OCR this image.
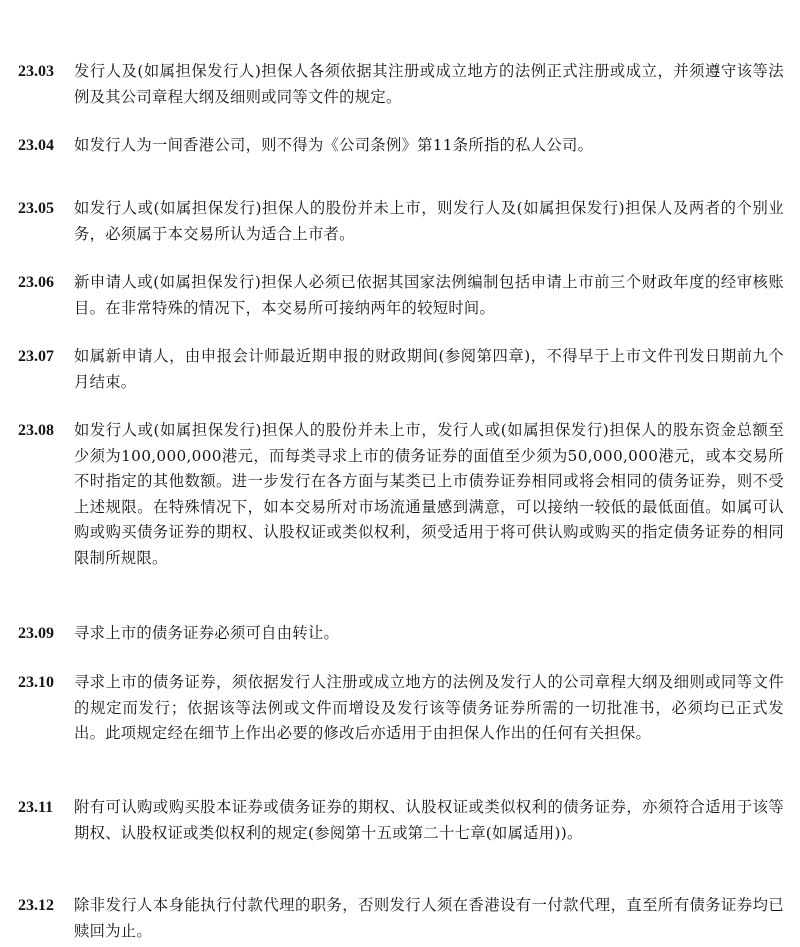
23.03	发行人及(如属担保发行人)担保人各须依据其注册或成立地方的法例正式注册或成立，并须遵守该等法例及其公司章程大纲及细则或同等文件的规定。
23.04	如发行人为一间香港公司，则不得为《公司条例》第11条所指的私人公司。
23.05	如发行人或(如属担保发行)担保人的股份并未上市，则发行人及(如属担保发行)担保人及两者的个别业务，必须属于本交易所认为适合上市者。
23.06	新申请人或(如属担保发行)担保人必须已依据其国家法例编制包括申请上市前三个财政年度的经审核账目。在非常特殊的情况下，本交易所可接纳两年的较短时间。
23.07	如属新申请人，由申报会计师最近期申报的财政期间(参阅第四章)，不得早于上市文件刊发日期前九个月结束。
23.08	如发行人或(如属担保发行)担保人的股份并未上市，发行人或(如属担保发行)担保人的股东资金总额至少须为100,000,000港元，而每类寻求上市的债务证券的面值至少须为50,000,000港元，或本交易所不时指定的其他数额。进一步发行在各方面与某类已上市债券证券相同或将会相同的债务证券，则不受上述规限。在特殊情况下，如本交易所对市场流通量感到满意，可以接纳一较低的最低面值。如属可认购或购买债务证券的期权、认股权证或类似权利，须受适用于将可供认购或购买的指定债务证券的相同限制所规限。
23.09	寻求上市的债务证券必须可自由转让。
23.10	寻求上市的债务证券，须依据发行人注册或成立地方的法例及发行人的公司章程大纲及细则或同等文件的规定而发行；依据该等法例或文件而增设及发行该等债务证券所需的一切批准书，必须均已正式发出。此项规定经在细节上作出必要的修改后亦适用于由担保人作出的任何有关担保。
23.11	附有可认购或购买股本证券或债务证券的期权、认股权证或类似权利的债务证券，亦须符合适用于该等期权、认股权证或类似权利的规定(参阅第十五或第二十七章(如属适用))。
23.12	除非发行人本身能执行付款代理的职务，否则发行人须在香港设有一付款代理，直至所有债务证券均已赎回为止。
